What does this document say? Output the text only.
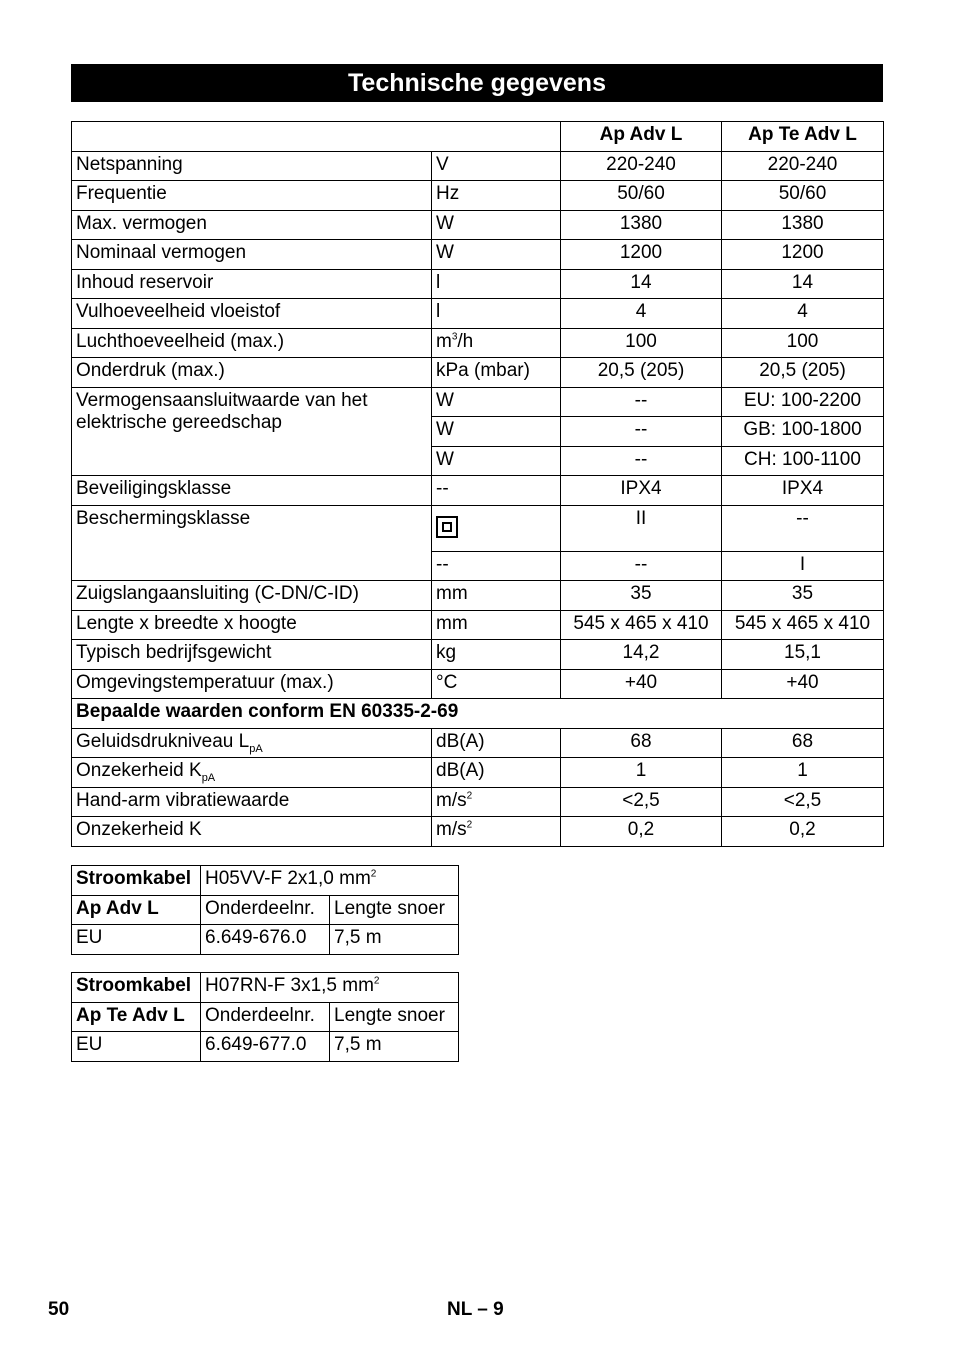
Technische gegevens
		Ap Adv L	Ap Te Adv L
Netspanning	V	220-240	220-240
Frequentie	Hz	50/60	50/60
Max. vermogen	W	1380	1380
Nominaal vermogen	W	1200	1200
Inhoud reservoir	l	14	14
Vulhoeveelheid vloeistof	l	4	4
Luchthoeveelheid (max.)	$m^3/h$	100	100
Onderdruk (max.)	kPa (mbar)	20,5 (205)	20,5 (205)
Vermogensaansluitwaarde van het elektrische gereedschap	W	--	EU: 100-2200
	W	--	GB: 100-1800
	W	--	CH: 100-1100
Beveiligingsklasse	--	IPX4	IPX4
Beschermingsklasse		II	--
	--	--	I
Zuigslangaansluiting (C-DN/C-ID)	mm	35	35
Lengte x breedte x hoogte	mm	545 x 465 x 410	545 x 465 x 410
Typisch bedrijfsgewicht	kg	14,2	15,1
Omgevingstemperatuur (max.)	°C	+40	+40
Bepaalde waarden conform EN 60335-2-69			
Geluidsdrukniveau $L_{pA}$	dB(A)	68	68
Onzekerheid $K_{pA}$	dB(A)	1	1
Hand-arm vibratiewaarde	$m/s^2$	<2,5	<2,5
Onzekerheid K	$m/s^2$	0,2	0,2
Stroomkabel	H05VV-F 2x1,0 $mm^2$
Ap Adv L	Onderdeelnr.	Lengte snoer
EU	6.649-676.0	7,5 m
Stroomkabel	H07RN-F 3x1,5 $mm^2$
Ap Te Adv L	Onderdeelnr.	Lengte snoer
EU	6.649-677.0	7,5 m
50	NL – 9
